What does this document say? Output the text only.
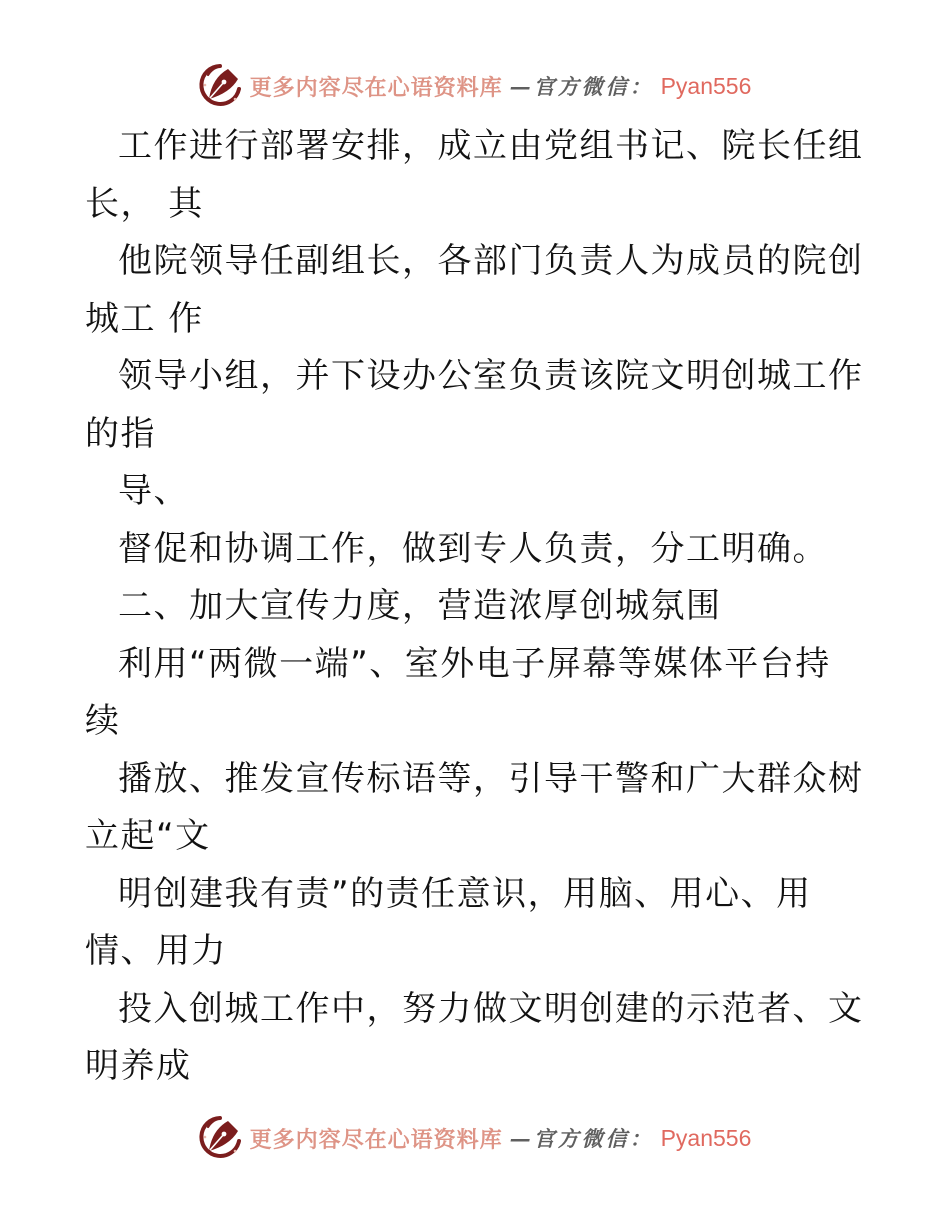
更多内容尽在心语资料库 —官方微信： Pyan556
工作进行部署安排，成立由党组书记、院长任组
长， 其
他院领导任副组长，各部门负责人为成员的院创
城工 作
领导小组，并下设办公室负责该院文明创城工作
的指
导、
督促和协调工作，做到专人负责，分工明确。
二、加大宣传力度，营造浓厚创城氛围
利用“两微一端”、室外电子屏幕等媒体平台持
续
播放、推发宣传标语等，引导干警和广大群众树
立起“文
明创建我有责”的责任意识，用脑、用心、用
情、用力
投入创城工作中，努力做文明创建的示范者、文
明养成
更多内容尽在心语资料库 —官方微信： Pyan556
